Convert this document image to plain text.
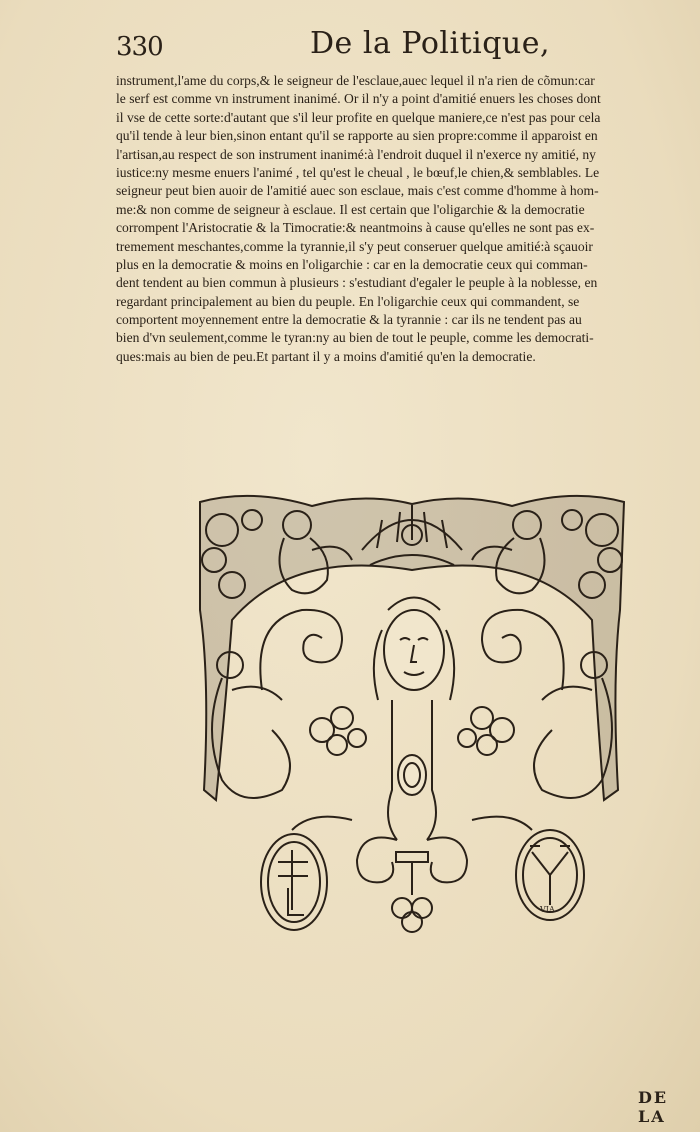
330	De la Politique,
instrument,l'ame du corps,& le seigneur de l'esclaue,auec lequel il n'a rien de cõmun:car
le serf est comme vn instrument inanimé. Or il n'y a point d'amitié enuers les choses dont
il vse de cette sorte:d'autant que s'il leur profite en quelque maniere,ce n'est pas pour cela
qu'il tende à leur bien,sinon entant qu'il se rapporte au sien propre:comme il apparoist en
l'artisan,au respect de son instrument inanimé:à l'endroit duquel il n'exerce ny amitié, ny
iustice:ny mesme enuers l'animé , tel qu'est le cheual , le bœuf,le chien,& semblables. Le
seigneur peut bien auoir de l'amitié auec son esclaue, mais c'est comme d'homme à hom-
me:& non comme de seigneur à esclaue. Il est certain que l'oligarchie & la democratie
corrompent l'Aristocratie & la Timocratie:& neantmoins à cause qu'elles ne sont pas ex-
tremement meschantes,comme la tyrannie,il s'y peut conseruer quelque amitié:à sçauoir
plus en la democratie & moins en l'oligarchie : car en la democratie ceux qui comman-
dent tendent au bien commun à plusieurs : s'estudiant d'egaler le peuple à la noblesse, en
regardant principalement au bien du peuple. En l'oligarchie ceux qui commandent, se
comportent moyennement entre la democratie & la tyrannie : car ils ne tendent pas au
bien d'vn seulement,comme le tyran:ny au bien de tout le peuple, comme les democrati-
ques:mais au bien de peu.Et partant il y a moins d'amitié qu'en la democratie.
VIA
DE LA
